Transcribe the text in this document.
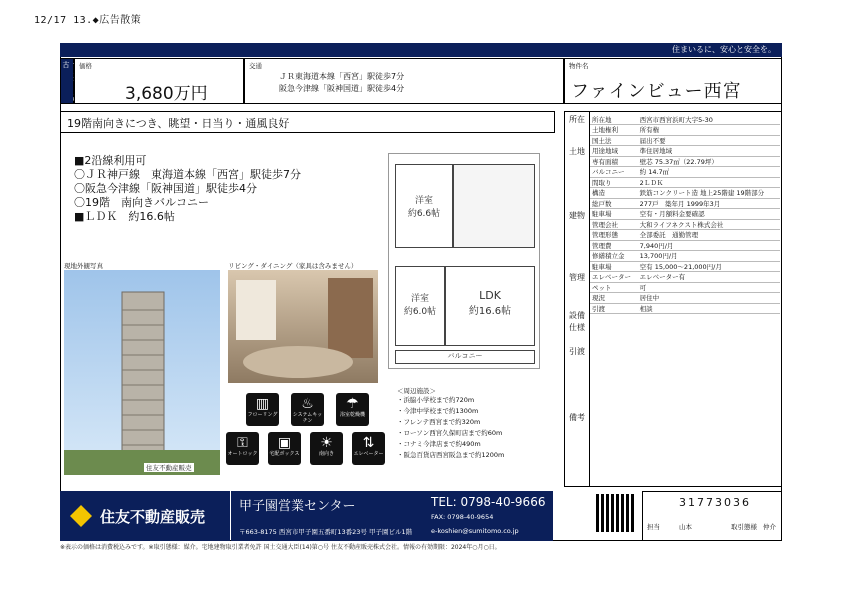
12/17 13.◆広告散策
住まいるに、安心と安全を。
古	価格
3,680万円
交通
ＪＲ東海道本線「西宮」駅徒歩7分
阪急今津線「阪神国道」駅徒歩4分
物件名
ファインビュー西宮
19階南向きにつき、眺望・日当り・通風良好
■2沿線利用可
〇ＪＲ神戸線　東海道本線「西宮」駅徒歩7分
〇阪急今津線「阪神国道」駅徒歩4分
〇19階　南向きバルコニー
■ＬＤＫ　約16.6帖
洋室
約6.6帖
洋室
約6.0帖
LDK
約16.6帖
バルコニー
現地外観写真
住友不動産販売
リビング・ダイニング（家具は含みません）
▥
フローリング
♨
システムキッチン
☂
浴室乾燥機
⚿
オートロック
▣
宅配ボックス
☀
南向き
⇅
エレベーター
＜周辺施設＞
・浜脇小学校まで約720m
・今津中学校まで約1300m
・フレンテ西宮まで約320m
・ローソン西宮久保町店まで約60m
・コナミ今津店まで約490m
・阪急百貨店西宮阪急まで約1200m
所在
土地
建物
管理
設備
仕様
引渡
備考
所在地	西宮市西宮浜町大字5-30
土地権利	所有権
国土法	届出不要
用途地域	準住居地域
専有面積	壁芯 75.37㎡（22.79坪）
バルコニー	約 14.7㎡
間取り	2ＬＤＫ
構造	鉄筋コンクリート造 地上25階建 19階部分
総戸数	277戸　築年月 1999年3月
駐車場	空有・月額料金要確認
管理会社	大和ライフネクスト株式会社
管理形態	全部委託　通勤管理
管理費	7,940円/月
修繕積立金	13,700円/月
駐車場	空有 15,000〜21,000円/月
エレベーター	エレベーター有
ペット	可
現況	居住中
引渡	相談
住友不動産販売
甲子園営業センター
〒663-8175 西宮市甲子園五番町13番23号 甲子園ビル1階
TEL: 0798-40-9666
FAX: 0798-40-9654
e-koshien@sumitomo.co.jp
31773036
担当	山本	取引態様 仲介
※表示の価格は消費税込みです。※取引態様：媒介。宅地建物取引業者免許 国土交通大臣(14)第○号 住友不動産販売株式会社。情報の有効期限：2024年○月○日。
